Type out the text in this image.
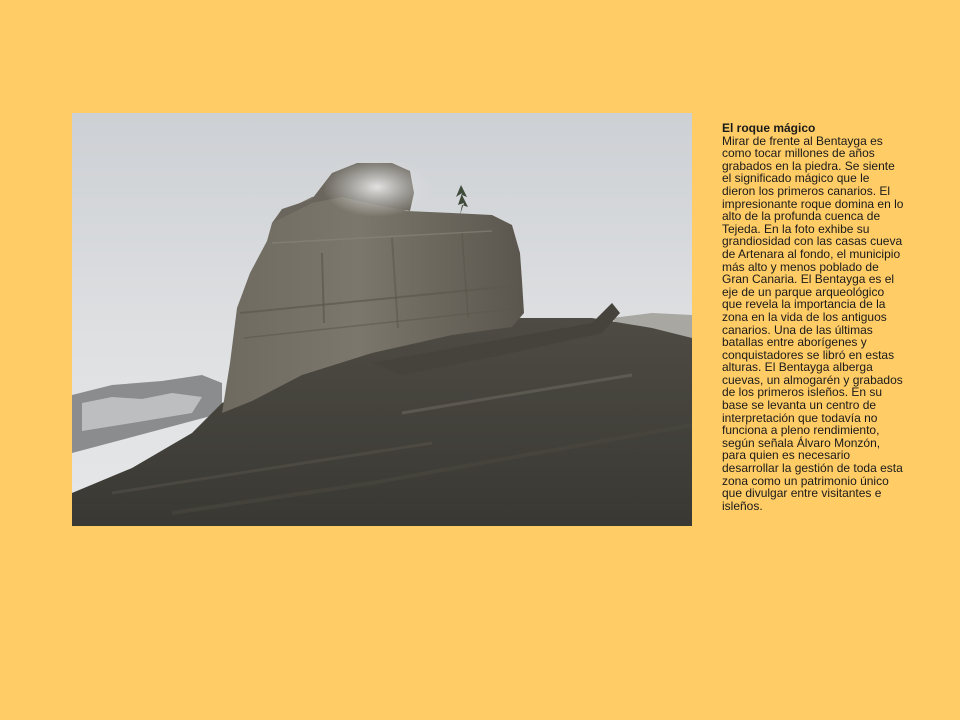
El roque mágico
Mirar de frente al Bentayga es como tocar millones de años grabados en la piedra. Se siente el significado mágico que le dieron los primeros canarios. El impresionante roque domina en lo alto de la profunda cuenca de Tejeda. En la foto exhibe su grandiosidad con las casas cueva de Artenara al fondo, el municipio más alto y menos poblado de Gran Canaria. El Bentayga es el eje de un parque arqueológico que revela la importancia de la zona en la vida de los antiguos canarios. Una de las últimas batallas entre aborígenes y conquistadores se libró en estas alturas. El Bentayga alberga cuevas, un almogarén y grabados de los primeros isleños. En su base se levanta un centro de interpretación que todavía no funciona a pleno rendimiento, según señala Álvaro Monzón, para quien es necesario desarrollar la gestión de toda esta zona como un patrimonio único que divulgar entre visitantes e isleños.
